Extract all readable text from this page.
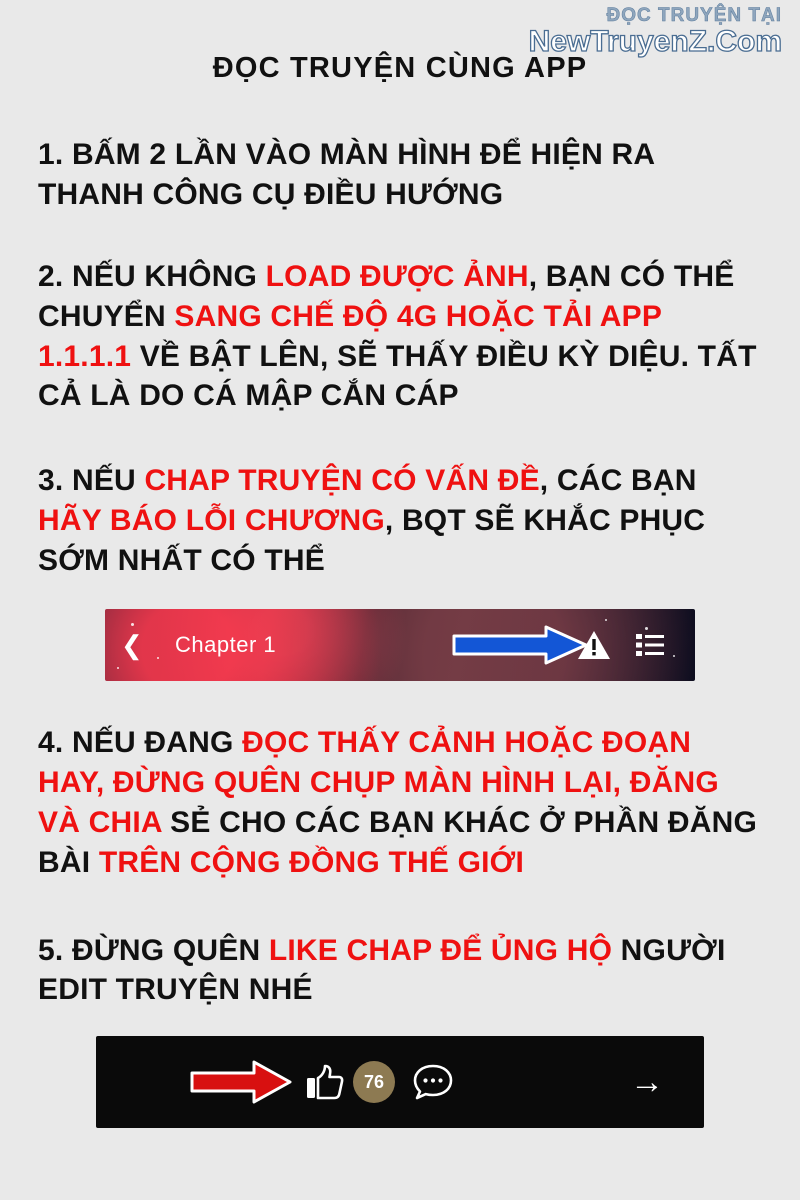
ĐỌC TRUYỆN TẠI
NewTruyenZ.Com
ĐỌC TRUYỆN CÙNG APP
1. BẤM 2 LẦN VÀO MÀN HÌNH ĐỂ HIỆN RA THANH CÔNG CỤ ĐIỀU HƯỚNG
2. NẾU KHÔNG LOAD ĐƯỢC ẢNH, BẠN CÓ THỂ CHUYỂN SANG CHẾ ĐỘ 4G HOẶC TẢI APP 1.1.1.1 VỀ BẬT LÊN, SẼ THẤY ĐIỀU KỲ DIỆU. TẤT CẢ LÀ DO CÁ MẬP CẮN CÁP
3. NẾU CHAP TRUYỆN CÓ VẤN ĐỀ, CÁC BẠN HÃY BÁO LỖI CHƯƠNG, BQT SẼ KHẮC PHỤC SỚM NHẤT CÓ THỂ
❮ Chapter 1
4. NẾU ĐANG ĐỌC THẤY CẢNH HOẶC ĐOẠN HAY, ĐỪNG QUÊN CHỤP MÀN HÌNH LẠI, ĐĂNG VÀ CHIA SẺ CHO CÁC BẠN KHÁC Ở PHẦN ĐĂNG BÀI TRÊN CỘNG ĐỒNG THẾ GIỚI
5. ĐỪNG QUÊN LIKE CHAP ĐỂ ỦNG HỘ NGƯỜI EDIT TRUYỆN NHÉ
76	→
